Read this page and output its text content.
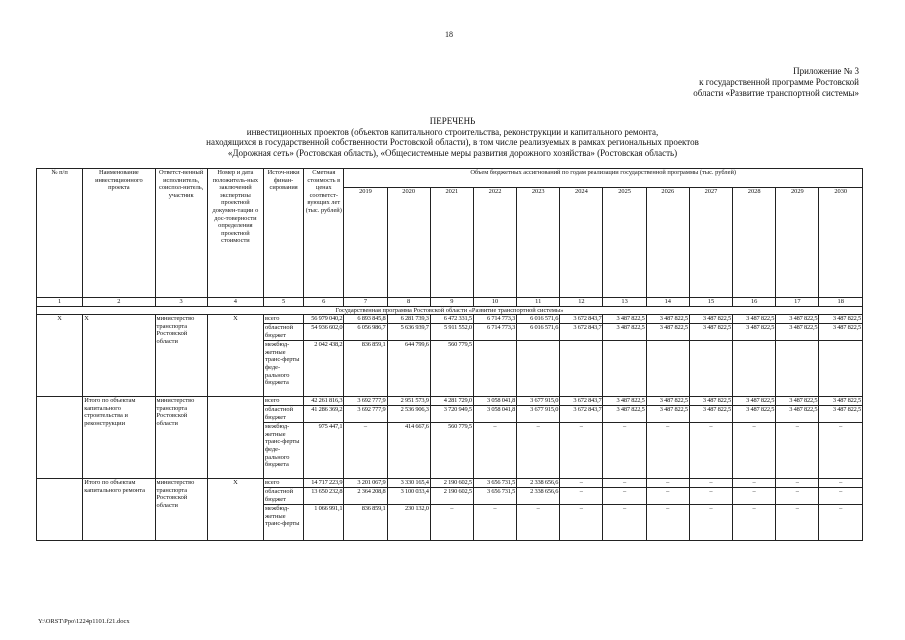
18
Приложение № 3
к государственной программе Ростовской
области «Развитие транспортной системы»
ПЕРЕЧЕНЬ
инвестиционных проектов (объектов капитального строительства, реконструкции и капитального ремонта,
находящихся в государственной собственности Ростовской области), в том числе реализуемых в рамках региональных проектов
«Дорожная сеть» (Ростовская область), «Общесистемные меры развития дорожного хозяйства» (Ростовская область)
№ п/п	Наименование инвестиционного проекта	Ответст-венный исполнитель, соиспол-нитель, участник	Номер и дата положитель-ных заключений экспертизы проектной докумен-тации о дос-товерности определения проектной стоимости	Источ-ники финан-сирования	Сметная стоимость в ценах соответст-вующих лет (тыс. рублей)	Объем бюджетных ассигнований по годам реализации государственной программы (тыс. рублей)											
						2019	2020	2021	2022	2023	2024	2025	2026	2027	2028	2029	2030
1	2	3	4	5	6	7	8	9	10	11	12	13	14	15	16	17	18
Государственная программа Ростовской области «Развитие транспортной системы»																	
Х	Х	министерство транспорта Ростовской области	Х	всего	56 979 040,2	6 893 845,8	6 281 739,3	6 472 331,5	6 714 773,3	6 016 571,6	3 672 843,7	3 487 822,5	3 487 822,5	3 487 822,5	3 487 822,5	3 487 822,5	3 487 822,5
				областной бюджет	54 936 602,0	6 056 986,7	5 636 939,7	5 911 552,0	6 714 773,3	6 016 571,6	3 672 843,7	3 487 822,5	3 487 822,5	3 487 822,5	3 487 822,5	3 487 822,5	3 487 822,5
				межбюд-жетные транс-ферты феде-рального бюджета	2 042 438,2	836 859,1	644 799,6	560 779,5									
	Итого по объектам капитального строительства и реконструкции	министерство транспорта Ростовской области		всего	42 261 816,3	3 692 777,9	2 951 573,9	4 281 729,0	3 058 041,8	3 677 915,0	3 672 843,7	3 487 822,5	3 487 822,5	3 487 822,5	3 487 822,5	3 487 822,5	3 487 822,5
				областной бюджет	41 286 369,2	3 692 777,9	2 536 906,3	3 720 949,5	3 058 041,8	3 677 915,0	3 672 843,7	3 487 822,5	3 487 822,5	3 487 822,5	3 487 822,5	3 487 822,5	3 487 822,5
				межбюд-жетные транс-ферты феде-рального бюджета	975 447,1	–	414 667,6	560 779,5	–	–	–	–	–	–	–	–	–
	Итого по объектам капитального ремонта	министерство транспорта Ростовской области	Х	всего	14 717 223,9	3 201 067,9	3 330 165,4	2 190 602,5	3 656 731,5	2 338 656,6	–	–	–	–	–	–	–
				областной бюджет	13 650 232,8	2 364 208,8	3 100 033,4	2 190 602,5	3 656 731,5	2 338 656,6	–	–	–	–	–	–	–
				межбюд-жетные транс-ферты	1 066 991,1	836 859,1	230 132,0	–	–	–	–	–	–	–	–	–	–
Y:\ORST\Ppo\1224p1101.f21.docx
